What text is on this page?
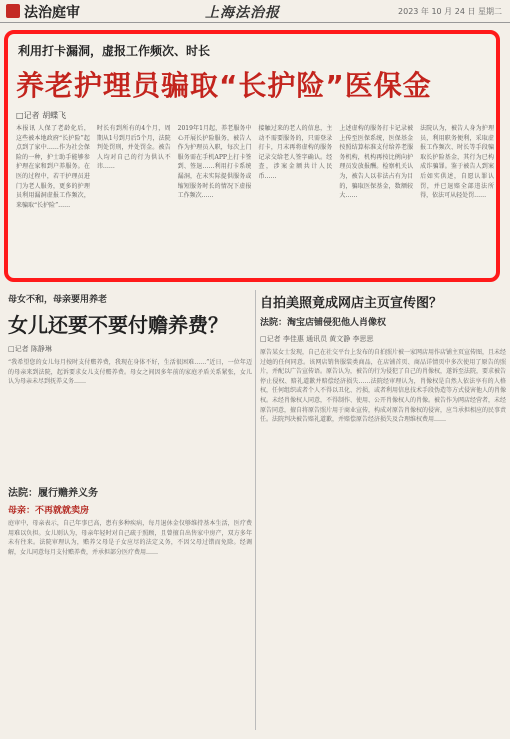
法治庭审	上海法治报	2023 年 10 月 24 日 星期二
利用打卡漏洞，虚报工作频次、时长
养老护理员骗取“长护险”医保金
□记者 胡蝶飞
本报讯 人保了老龄化后，这些被本地政府“长护险”起点到了家中……作为社会保险的一种，护士助手能够参护理在家和到户养服务。在医的过程中，若干护理员进门为老人服务，更多的护理员利用漏洞虚报工作频次，来骗取“长护险”……
时长有到所有的4个月，周期从1号到月后5个月，法院判处罚刑，并处罚金。被告人均对自己的行为供认不讳……
2019年1月起，养老服务中心开展长护险服务，被告人作为护理员入职，每次上门服务需在手机APP上打卡签到、签退……利用打卡系统漏洞，在未实际提供服务或缩短服务时长的情况下虚报工作频次……
接触过来的老人的信息，主动不需要服务的，只需登录打卡，月末再将虚构的服务记录交给老人签字确认。经查，涉案金额共计人民币……
上述虚构的服务打卡记录被上传至医保系统，医保基金按照结算标准支付给养老服务机构，机构再按比例向护理员发放报酬。检察机关认为，被告人以非法占有为目的，骗取医保基金，数额较大……
法院认为，被告人身为护理员，利用职务便利，采取虚报工作频次、时长等手段骗取长护险基金，其行为已构成诈骗罪。鉴于被告人到案后如实供述，自愿认罪认罚，并已退赔全部违法所得，依法可从轻处罚……
母女不和，母亲要用养老
女儿还要不要付赡养费？
□记者 陈静琳
“我希望您的女儿每月按时支付赡养费，我现在身体不好，生活很困难……”近日，一位年迈的母亲来到法院，起诉要求女儿支付赡养费。母女之间因多年前的家庭矛盾关系紧张，女儿认为母亲未尽到抚养义务……
法院：履行赡养义务
母亲：不再就就卖房
庭审中，母亲表示，自己年事已高，患有多种疾病，每月退休金仅够维持基本生活，医疗费用难以负担。女儿则认为，母亲年轻时对自己疏于照顾，且曾擅自出售家中房产，双方多年未有往来。法院审理认为，赡养父母是子女应尽的法定义务，不因父母过错而免除。经调解，女儿同意每月支付赡养费，并承担部分医疗费用……
自拍美照竟成网店主页宣传图？
法院：淘宝店铺侵犯他人肖像权
□记者 李佳惠 通讯员 黄文静 李思思
原告某女士发现，自己在社交平台上发布的自拍照片被一家网店用作店铺主页宣传图，且未经过她的任何同意。该网店销售服装类商品，在店铺首页、商品详情页中多次使用了原告的照片，并配以广告宣传语。原告认为，被告的行为侵犯了自己的肖像权，遂诉至法院，要求被告停止侵权、赔礼道歉并赔偿经济损失……法院经审理认为，肖像权是自然人依法享有的人格权，任何组织或者个人不得以丑化、污损，或者利用信息技术手段伪造等方式侵害他人的肖像权。未经肖像权人同意，不得制作、使用、公开肖像权人的肖像。被告作为网店经营者，未经原告同意，擅自将原告照片用于商业宣传，构成对原告肖像权的侵害，应当承担相应的民事责任。法院判决被告赔礼道歉，并赔偿原告经济损失及合理维权费用……
